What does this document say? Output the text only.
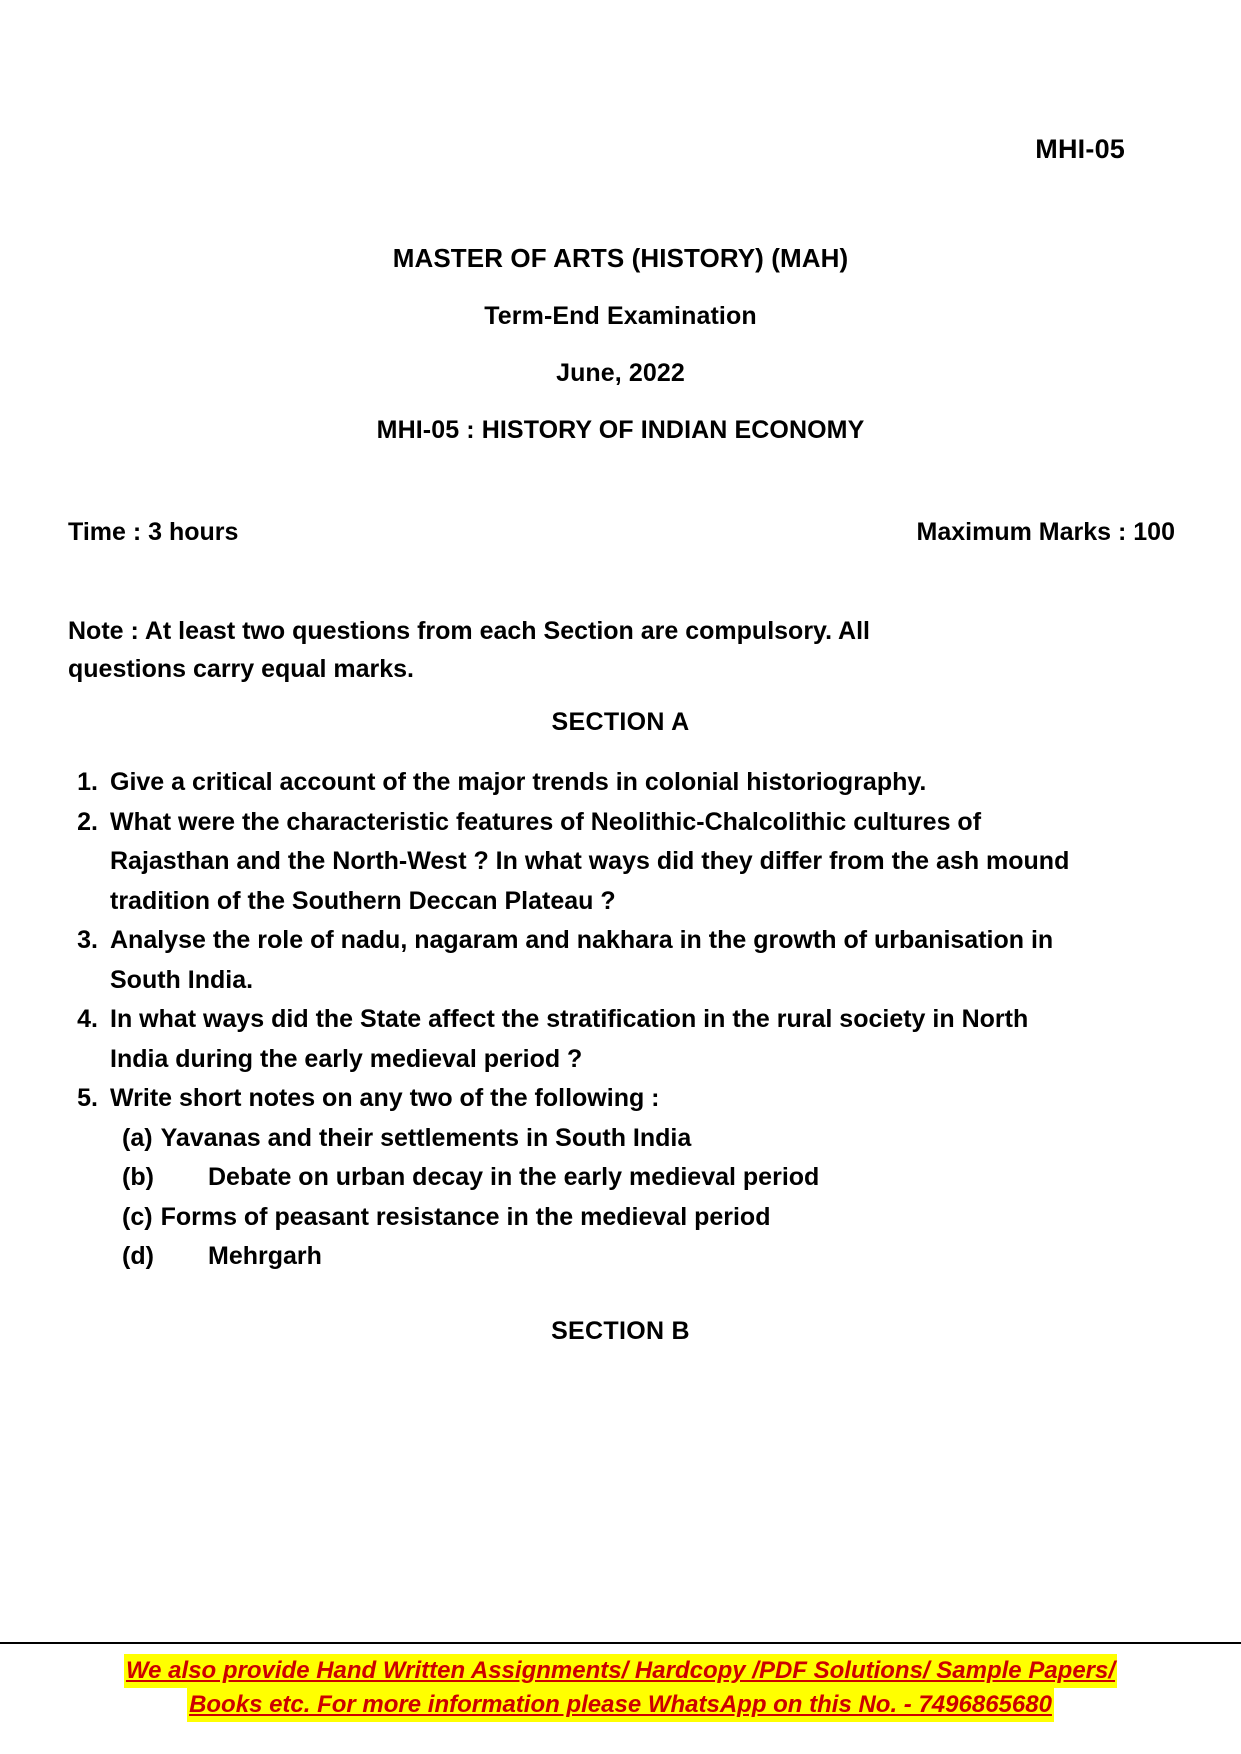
MHI-05
MASTER OF ARTS (HISTORY) (MAH)
Term-End Examination
June, 2022
MHI-05 : HISTORY OF INDIAN ECONOMY
Time : 3 hours	Maximum Marks : 100
Note : At least two questions from each Section are compulsory. All questions carry equal marks.
SECTION A
1. Give a critical account of the major trends in colonial historiography.
2. What were the characteristic features of Neolithic-Chalcolithic cultures of Rajasthan and the North-West ? In what ways did they differ from the ash mound tradition of the Southern Deccan Plateau ?
3. Analyse the role of nadu, nagaram and nakhara in the growth of urbanisation in South India.
4. In what ways did the State affect the stratification in the rural society in North India during the early medieval period ?
5. Write short notes on any two of the following :
(a) Yavanas and their settlements in South India
(b)	Debate on urban decay in the early medieval period
(c) Forms of peasant resistance in the medieval period
(d)	Mehrgarh
SECTION B
We also provide Hand Written Assignments/ Hardcopy /PDF Solutions/ Sample Papers/
Books etc. For more information please WhatsApp on this No. - 7496865680
